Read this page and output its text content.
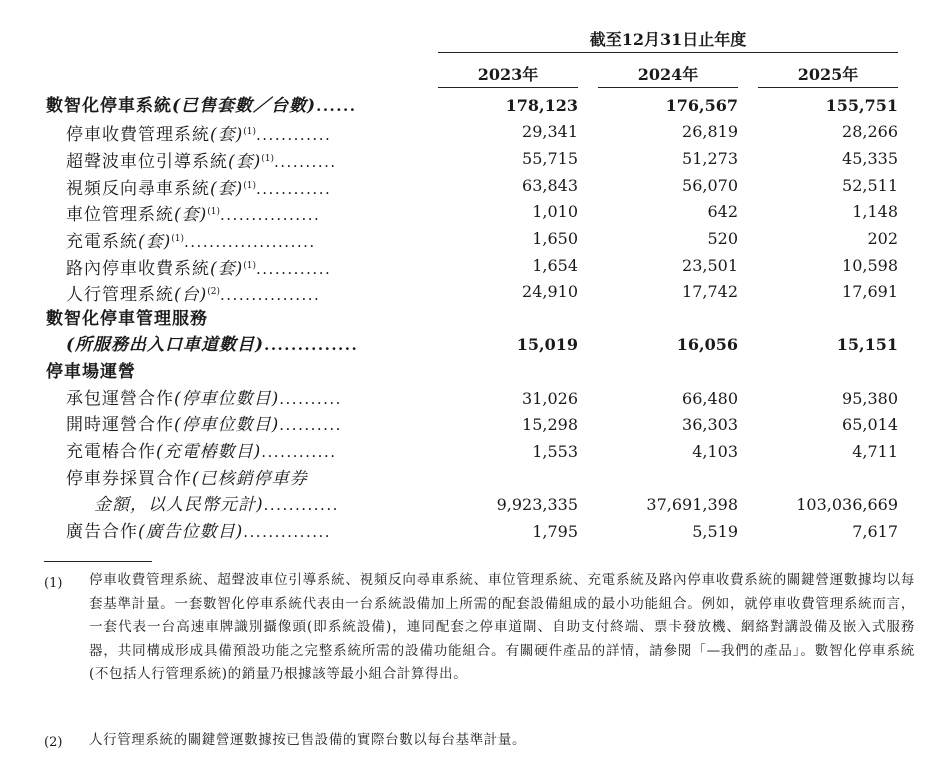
截至12月31日止年度
2023年	2024年	2025年
數智化停車系統(已售套數／台數)......	178,123	176,567	155,751
停車收費管理系統(套)$^{(1)}$............	29,341	26,819	28,266
超聲波車位引導系統(套)$^{(1)}$..........	55,715	51,273	45,335
視頻反向尋車系統(套)$^{(1)}$............	63,843	56,070	52,511
車位管理系統(套)$^{(1)}$................	1,010	642	1,148
充電系統(套)$^{(1)}$.....................	1,650	520	202
路內停車收費系統(套)$^{(1)}$............	1,654	23,501	10,598
人行管理系統(台)$^{(2)}$................	24,910	17,742	17,691
數智化停車管理服務
(所服務出入口車道數目)..............	15,019	16,056	15,151
停車場運營
承包運營合作(停車位數目)..........	31,026	66,480	95,380
開時運營合作(停車位數目)..........	15,298	36,303	65,014
充電樁合作(充電樁數目)............	1,553	4,103	4,711
停車券採買合作(已核銷停車券
金額，以人民幣元計)............	9,923,335	37,691,398	103,036,669
廣告合作(廣告位數目)..............	1,795	5,519	7,617
(1) 停車收費管理系統、超聲波車位引導系統、視頻反向尋車系統、車位管理系統、充電系統及路內停車收費系統的關鍵營運數據均以每套基準計量。一套數智化停車系統代表由一台系統設備加上所需的配套設備組成的最小功能組合。例如，就停車收費管理系統而言，一套代表一台高速車牌識別攝像頭(即系統設備)，連同配套之停車道閘、自助支付終端、票卡發放機、網絡對講設備及嵌入式服務器，共同構成形成具備預設功能之完整系統所需的設備功能組合。有關硬件產品的詳情，請參閱「—我們的產品」。數智化停車系統(不包括人行管理系統)的銷量乃根據該等最小組合計算得出。
(2) 人行管理系統的關鍵營運數據按已售設備的實際台數以每台基準計量。
